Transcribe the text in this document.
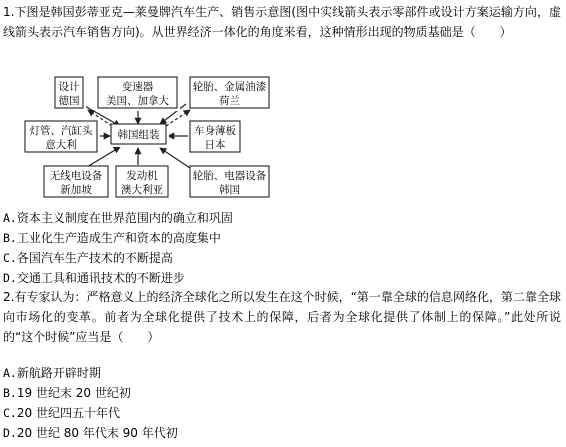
1.下图是韩国彭蒂亚克—莱曼牌汽车生产、销售示意图(图中实线箭头表示零部件或设计方案运输方向，虚线箭头表示汽车销售方向)。从世界经济一体化的角度来看，这种情形出现的物质基础是（　　）

韩国组装
设计
德国
变速器
美国、加拿大
轮胎、金属油漆
荷兰
灯管、汽缸头
意大利
车身薄板
日本
无线电设备
新加坡
发动机
澳大利亚
轮胎、电器设备
韩国

A.资本主义制度在世界范围内的确立和巩固

B.工业化生产造成生产和资本的高度集中

C.各国汽车生产技术的不断提高

D.交通工具和通讯技术的不断进步

2.有专家认为：严格意义上的经济全球化之所以发生在这个时候，“第一靠全球的信息网络化，第二靠全球向市场化的变革。前者为全球化提供了技术上的保障，后者为全球化提供了体制上的保障。”此处所说的“这个时候”应当是（　　）

A.新航路开辟时期

B.19 世纪末 20 世纪初

C.20 世纪四五十年代

D.20 世纪 80 年代末 90 年代初
